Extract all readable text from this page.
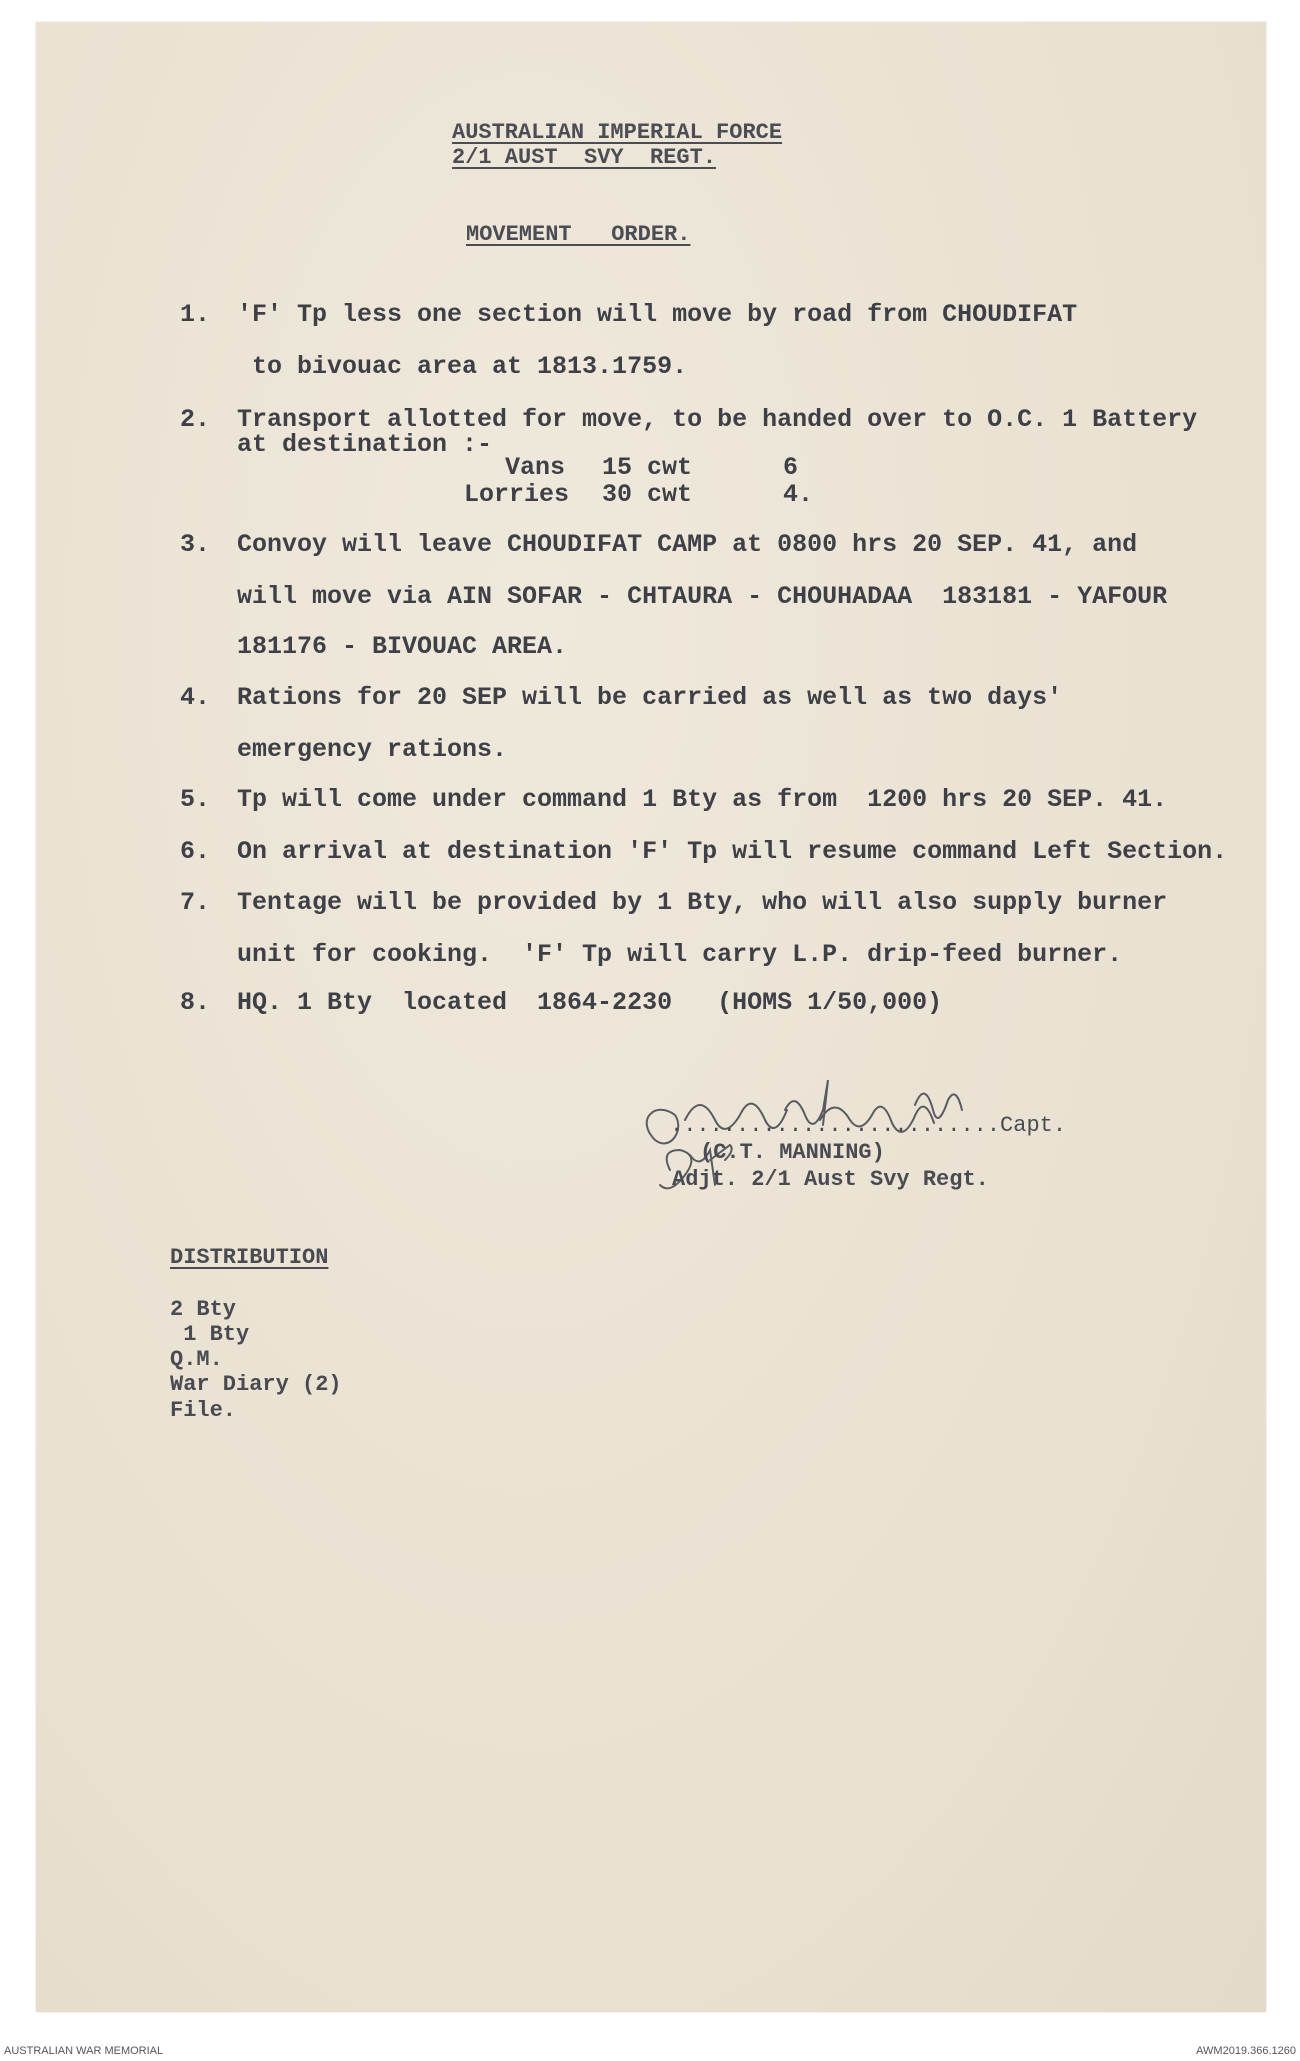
AUSTRALIAN IMPERIAL FORCE
2/1 AUST  SVY  REGT.
MOVEMENT   ORDER.
1. 'F' Tp less one section will move by road from CHOUDIFAT
to bivouac area at 1813.1759.
2. Transport allotted for move, to be handed over to O.C. 1 Battery
at destination :-
Vans 15 cwt	6
Lorries 30 cwt	4.
3. Convoy will leave CHOUDIFAT CAMP at 0800 hrs 20 SEP. 41, and
will move via AIN SOFAR - CHTAURA - CHOUHADAA  183181 - YAFOUR
181176 - BIVOUAC AREA.
4. Rations for 20 SEP will be carried as well as two days'
emergency rations.
5. Tp will come under command 1 Bty as from  1200 hrs 20 SEP. 41.
6. On arrival at destination 'F' Tp will resume command Left Section.
7. Tentage will be provided by 1 Bty, who will also supply burner
unit for cooking.  'F' Tp will carry L.P. drip-feed burner.
8. HQ. 1 Bty  located  1864-2230   (HOMS 1/50,000)
.........................Capt.
(C.T. MANNING)
Adjt. 2/1 Aust Svy Regt.
DISTRIBUTION
2 Bty
1 Bty
Q.M.
War Diary (2)
File.
AUSTRALIAN WAR MEMORIAL	AWM2019.366.1260
